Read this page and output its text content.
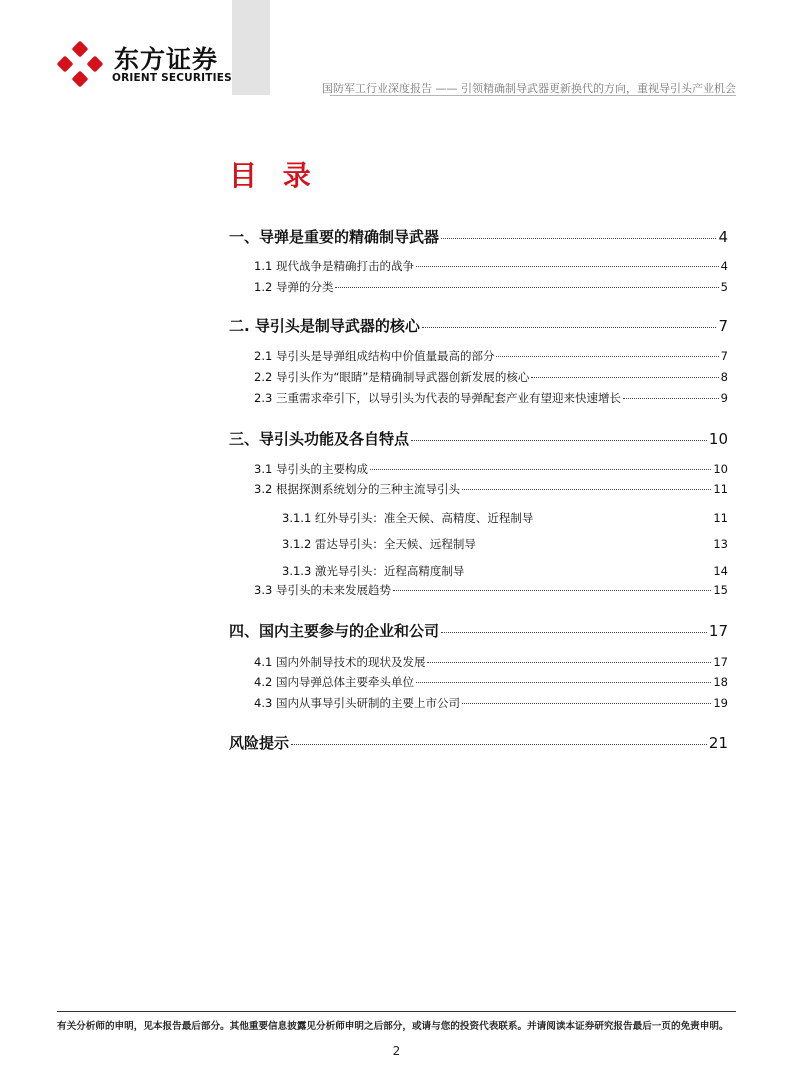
东方证券
ORIENT SECURITIES
国防军工行业深度报告 —— 引领精确制导武器更新换代的方向，重视导引头产业机会
目 录
一、导弹是重要的精确制导武器	4
1.1 现代战争是精确打击的战争	4
1.2 导弹的分类	5
二. 导引头是制导武器的核心	7
2.1 导引头是导弹组成结构中价值量最高的部分	7
2.2 导引头作为“眼睛”是精确制导武器创新发展的核心	8
2.3 三重需求牵引下，以导引头为代表的导弹配套产业有望迎来快速增长	9
三、导引头功能及各自特点	10
3.1 导引头的主要构成	10
3.2 根据探测系统划分的三种主流导引头	11
3.1.1 红外导引头：准全天候、高精度、近程制导	11
3.1.2 雷达导引头：全天候、远程制导	13
3.1.3 激光导引头：近程高精度制导	14
3.3 导引头的未来发展趋势	15
四、国内主要参与的企业和公司	17
4.1 国内外制导技术的现状及发展	17
4.2 国内导弹总体主要牵头单位	18
4.3 国内从事导引头研制的主要上市公司	19
风险提示	21
有关分析师的申明，见本报告最后部分。其他重要信息披露见分析师申明之后部分，或请与您的投资代表联系。并请阅读本证券研究报告最后一页的免责申明。
2
